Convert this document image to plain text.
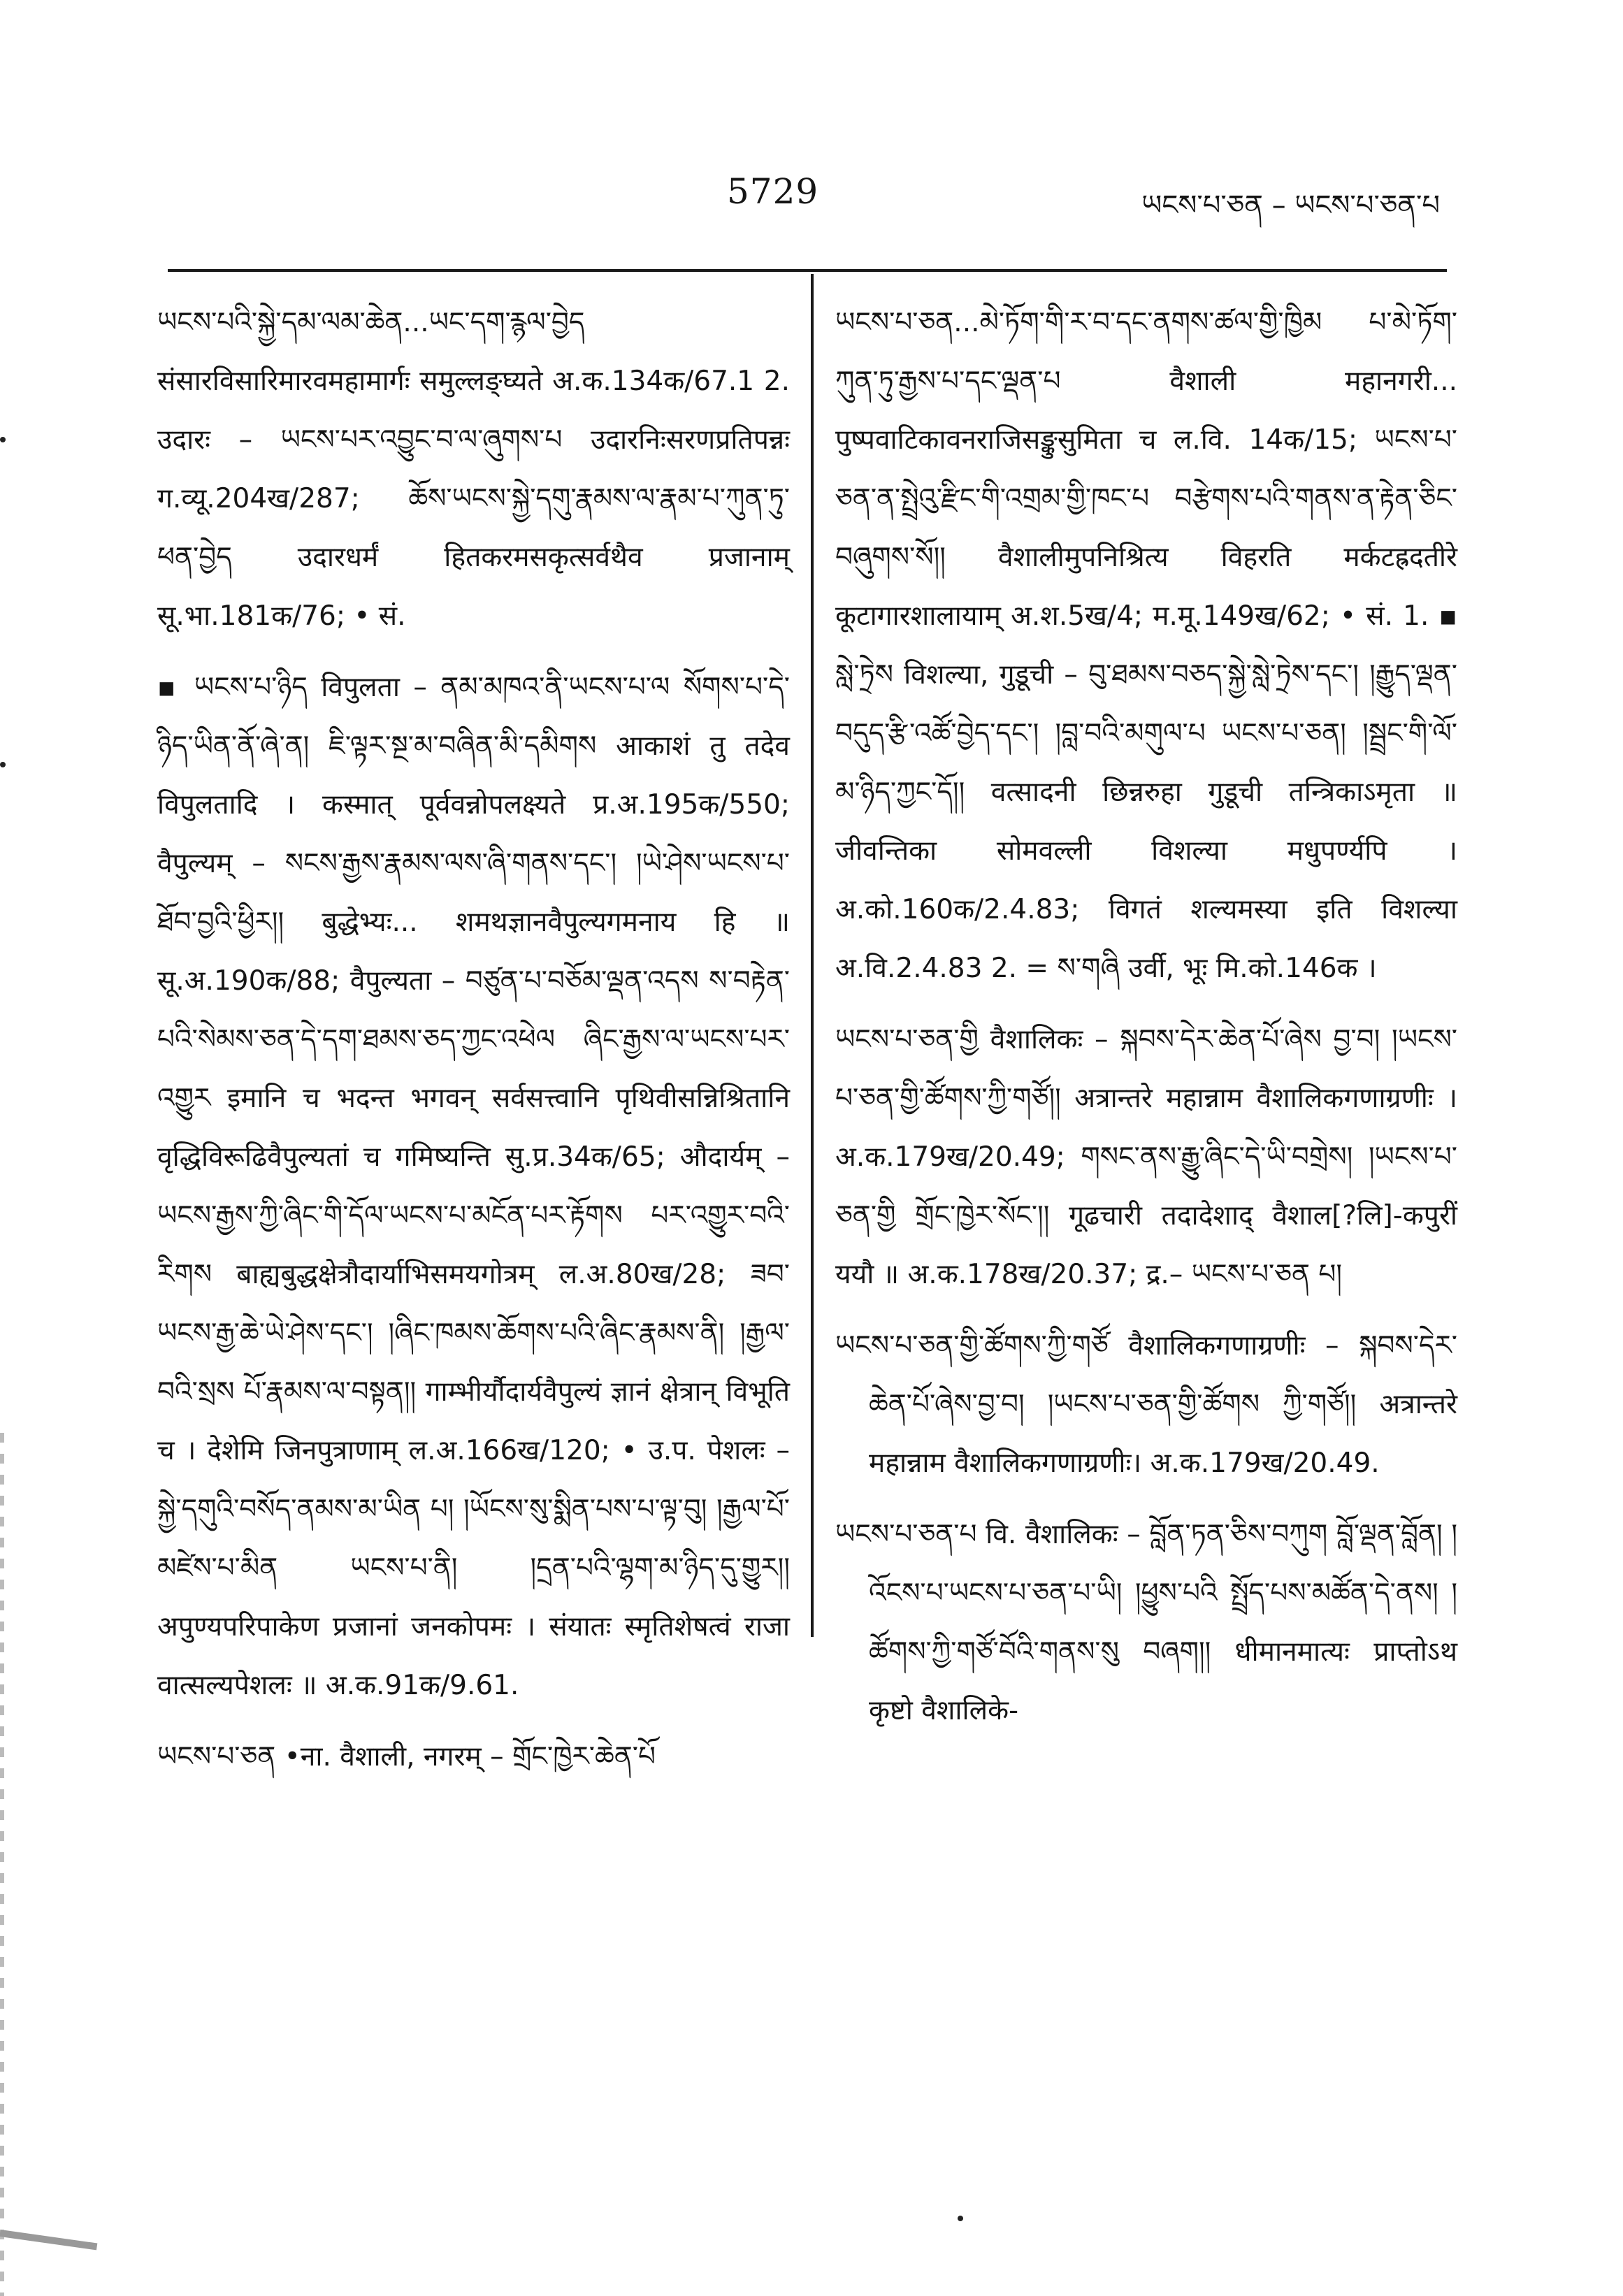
5729	ཡངས་པ་ཅན – ཡངས་པ་ཅན་པ

ཡངས་པའི་སྐྱེ་དམ་ལམ་ཆེན...ཡང་དག་རྙལ་བྱེད संसारविसारिमारवमहामार्गः समुल्लङ्घ्यते अ.क.134क/67.1 2. उदारः – ཡངས་པར་འབྱུང་བ་ལ་ཞུགས་པ उदारनिःसरणप्रतिपन्नः ग.व्यू.204ख/287; ཆོས་ཡངས་སྐྱེ་དགུ་རྣམས་ལ་རྣམ་པ་ཀུན་ཏུ་ཕན་བྱེད उदारधर्मं हितकरमसकृत्सर्वथैव प्रजानाम् सू.भा.181क/76; • सं.

▪ ཡངས་པ་ཉིད विपुलता – ནམ་མཁའ་ནི་ཡངས་པ་ལ སོགས་པ་དེ་ཉིད་ཡིན་ནོ་ཞེ་ན། ཇི་ལྟར་སྔ་མ་བཞིན་མི་དམིགས आकाशं तु तदेव विपुलतादि । कस्मात् पूर्ववन्नोपलक्ष्यते प्र.अ.195क/550; वैपुल्यम् – སངས་རྒྱས་རྣམས་ལས་ཞི་གནས་དང་། །ཡེ་ཤེས་ཡངས་པ་ཐོབ་བྱའི་ཕྱིར།། बुद्धेभ्यः... शमथज्ञानवैपुल्यगमनाय हि ॥ सू.अ.190क/88; वैपुल्यता – བཙུན་པ་བཅོམ་ལྡན་འདས ས་བརྟེན་པའི་སེམས་ཅན་དེ་དག་ཐམས་ཅད་ཀྱང་འཕེལ ཞིང་རྒྱས་ལ་ཡངས་པར་འགྱུར इमानि च भदन्त भगवन् सर्वसत्त्वानि पृथिवीसन्निश्रितानि वृद्धिविरूढिवैपुल्यतां च गमिष्यन्ति सु.प्र.34क/65; औदार्यम् – ཡངས་རྒྱས་ཀྱི་ཞིང་གི་དོལ་ཡངས་པ་མངོན་པར་རྟོགས པར་འགྱུར་བའི་རིགས बाह्यबुद्धक्षेत्रौदार्याभिसमयगोत्रम् ल.अ.80ख/28; ཟབ་ཡངས་རྒྱ་ཆེ་ཡེ་ཤེས་དང་། །ཞིང་ཁམས་ཆོགས་པའི་ཞིང་རྣམས་ནི། །རྒྱལ་བའི་སྲས པོ་རྣམས་ལ་བསྟན།། गाम्भीर्यौदार्यवैपुल्यं ज्ञानं क्षेत्रान् विभूति च । देशेमि जिनपुत्राणाम् ल.अ.166ख/120; • उ.प. पेशलः – སྐྱེ་དགུའི་བསོད་ནམས་མ་ཡིན པ། །ཡོངས་སུ་སྨིན་པས་པ་ལྟ་བུ། །རྒྱལ་པོ་མཛེས་པ་མིན ཡངས་པ་ནི། །དྲན་པའི་ལྷག་མ་ཉིད་དུ་གྱུར།། अपुण्यपरिपाकेण प्रजानां जनकोपमः । संयातः स्मृतिशेषत्वं राजा वात्सल्यपेशलः ॥ अ.क.91क/9.61.

ཡངས་པ་ཅན •ना. वैशाली, नगरम् – གྲོང་ཁྱེར་ཆེན་པོ

ཡངས་པ་ཅན...མེ་ཏོག་གི་ར་བ་དང་ནགས་ཚལ་གྱི་ཁྱིམ པ་མེ་ཏོག་ཀུན་ཏུ་རྒྱས་པ་དང་ལྡན་པ वैशाली महानगरी... पुष्पवाटिकावनराजिसङ्कुसुमिता च ल.वि. 14क/15; ཡངས་པ་ཅན་ན་སྤྲེའུ་རྫིང་གི་འགྲམ་གྱི་ཁང་པ བརྩེགས་པའི་གནས་ན་རྟེན་ཅིང་བཞུགས་སོ།། वैशालीमुपनिश्रित्य विहरति मर्कटह्रदतीरे कूटागारशालायाम् अ.श.5ख/4; म.मू.149ख/62; • सं. 1. ▪ སླེ་ཏྲེས विशल्या, गुडूची – བུ་ཐམས་བཅད་སྐྱེ་སླེ་ཏྲེས་དང་། །རྒྱུད་ལྡན་བདུད་རྩི་འཚོ་བྱེད་དང་། །བླ་བའི་མགུལ་པ ཡངས་པ་ཅན། །སྦྲང་གི་ལོ་མ་ཉིད་ཀྱང་དོ།། वत्सादनी छिन्नरुहा गुडूची तन्त्रिकाऽमृता ॥ जीवन्तिका सोमवल्ली विशल्या मधुपर्ण्यपि । अ.को.160क/2.4.83; विगतं शल्यमस्या इति विशल्या अ.वि.2.4.83 2. = ས་གཞི उर्वी, भूः मि.को.146क ।

ཡངས་པ་ཅན་གྱི वैशालिकः – སྐབས་དེར་ཆེན་པོ་ཞེས བྱ་བ། །ཡངས་པ་ཅན་གྱི་ཚོགས་ཀྱི་གཙོ།། अत्रान्तरे महान्नाम वैशालिकगणाग्रणीः । अ.क.179ख/20.49; གསང་ནས་རྒྱུ་ཞིང་དེ་ཡི་བགྲེས། །ཡངས་པ་ཅན་གྱི གྲོང་ཁྱེར་སོང་།། गूढचारी तदादेशाद् वैशाल[?लि]-कपुरीं ययौ ॥ अ.क.178ख/20.37; द्र.– ཡངས་པ་ཅན པ།

ཡངས་པ་ཅན་གྱི་ཚོགས་ཀྱི་གཙོ वैशालिकगणाग्रणीः – སྐབས་དེར་ཆེན་པོ་ཞེས་བྱ་བ། །ཡངས་པ་ཅན་གྱི་ཚོགས ཀྱི་གཙོ།། अत्रान्तरे महान्नाम वैशालिकगणाग्रणीः। अ.क.179ख/20.49.

ཡངས་པ་ཅན་པ वि. वैशालिकः – བློན་ཏན་ཅིས་བཀུག བློ་ལྡན་བློན། །འོངས་པ་ཡངས་པ་ཅན་པ་ཡི། །ཕྱུས་པའི སྤྲོད་པས་མཚོན་དེ་ནས། །ཚོགས་ཀྱི་གཙོ་བོའི་གནས་སུ བཞག།། धीमानमात्यः प्राप्तोऽथ कृष्टो वैशालिके-
